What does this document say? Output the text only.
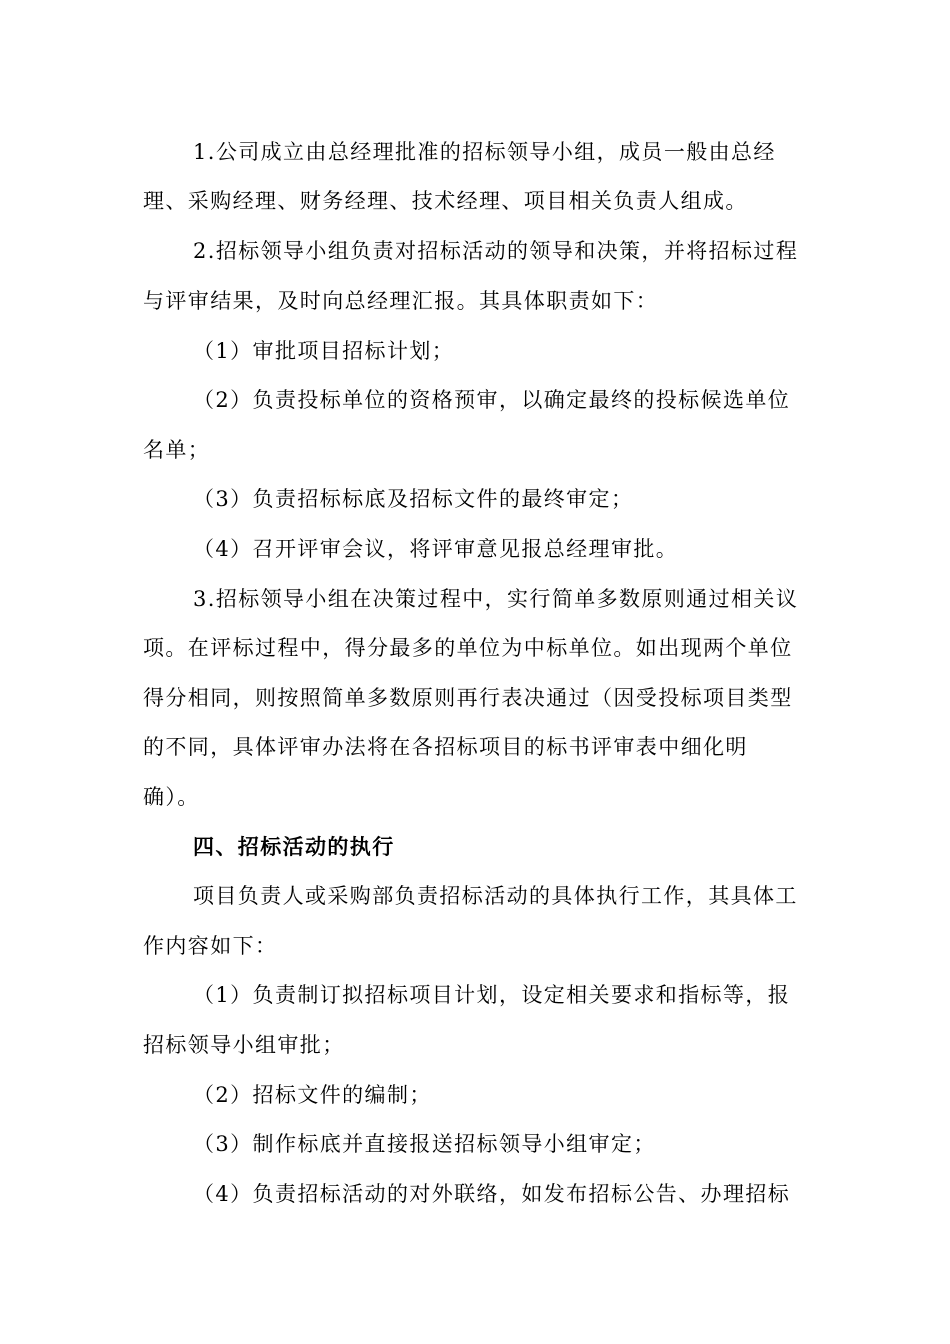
1.公司成立由总经理批准的招标领导小组，成员一般由总经
理、采购经理、财务经理、技术经理、项目相关负责人组成。
2.招标领导小组负责对招标活动的领导和决策，并将招标过程
与评审结果，及时向总经理汇报。其具体职责如下：
（1）审批项目招标计划；
（2）负责投标单位的资格预审，以确定最终的投标候选单位
名单；
（3）负责招标标底及招标文件的最终审定；
（4）召开评审会议，将评审意见报总经理审批。
3.招标领导小组在决策过程中，实行简单多数原则通过相关议
项。在评标过程中，得分最多的单位为中标单位。如出现两个单位
得分相同，则按照简单多数原则再行表决通过（因受投标项目类型
的不同，具体评审办法将在各招标项目的标书评审表中细化明
确）。
四、招标活动的执行
项目负责人或采购部负责招标活动的具体执行工作，其具体工
作内容如下：
（1）负责制订拟招标项目计划，设定相关要求和指标等，报
招标领导小组审批；
（2）招标文件的编制；
（3）制作标底并直接报送招标领导小组审定；
（4）负责招标活动的对外联络，如发布招标公告、办理招标
